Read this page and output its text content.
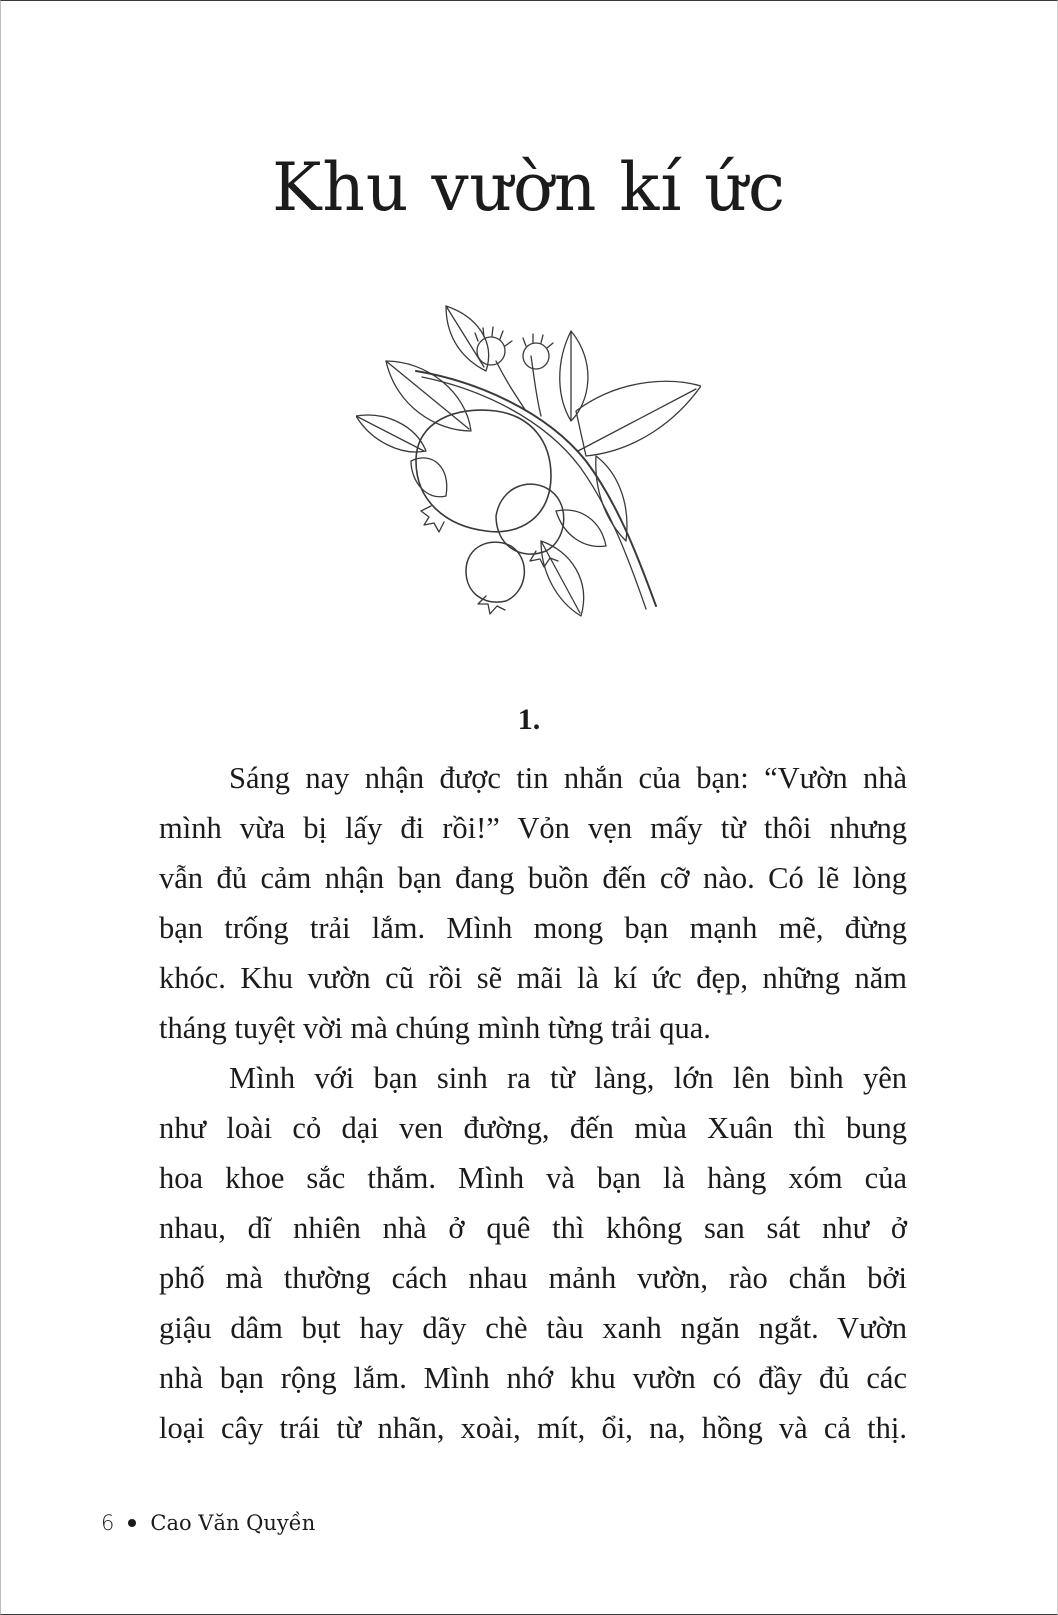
Khu vườn kí ức
1.
Sáng nay nhận được tin nhắn của bạn: “Vườn nhà
mình vừa bị lấy đi rồi!” Vỏn vẹn mấy từ thôi nhưng
vẫn đủ cảm nhận bạn đang buồn đến cỡ nào. Có lẽ lòng
bạn trống trải lắm. Mình mong bạn mạnh mẽ, đừng
khóc. Khu vườn cũ rồi sẽ mãi là kí ức đẹp, những năm
tháng tuyệt vời mà chúng mình từng trải qua.
Mình với bạn sinh ra từ làng, lớn lên bình yên
như loài cỏ dại ven đường, đến mùa Xuân thì bung
hoa khoe sắc thắm. Mình và bạn là hàng xóm của
nhau, dĩ nhiên nhà ở quê thì không san sát như ở
phố mà thường cách nhau mảnh vườn, rào chắn bởi
giậu dâm bụt hay dãy chè tàu xanh ngăn ngắt. Vườn
nhà bạn rộng lắm. Mình nhớ khu vườn có đầy đủ các
loại cây trái từ nhãn, xoài, mít, ổi, na, hồng và cả thị.
6 Cao Văn Quyền
